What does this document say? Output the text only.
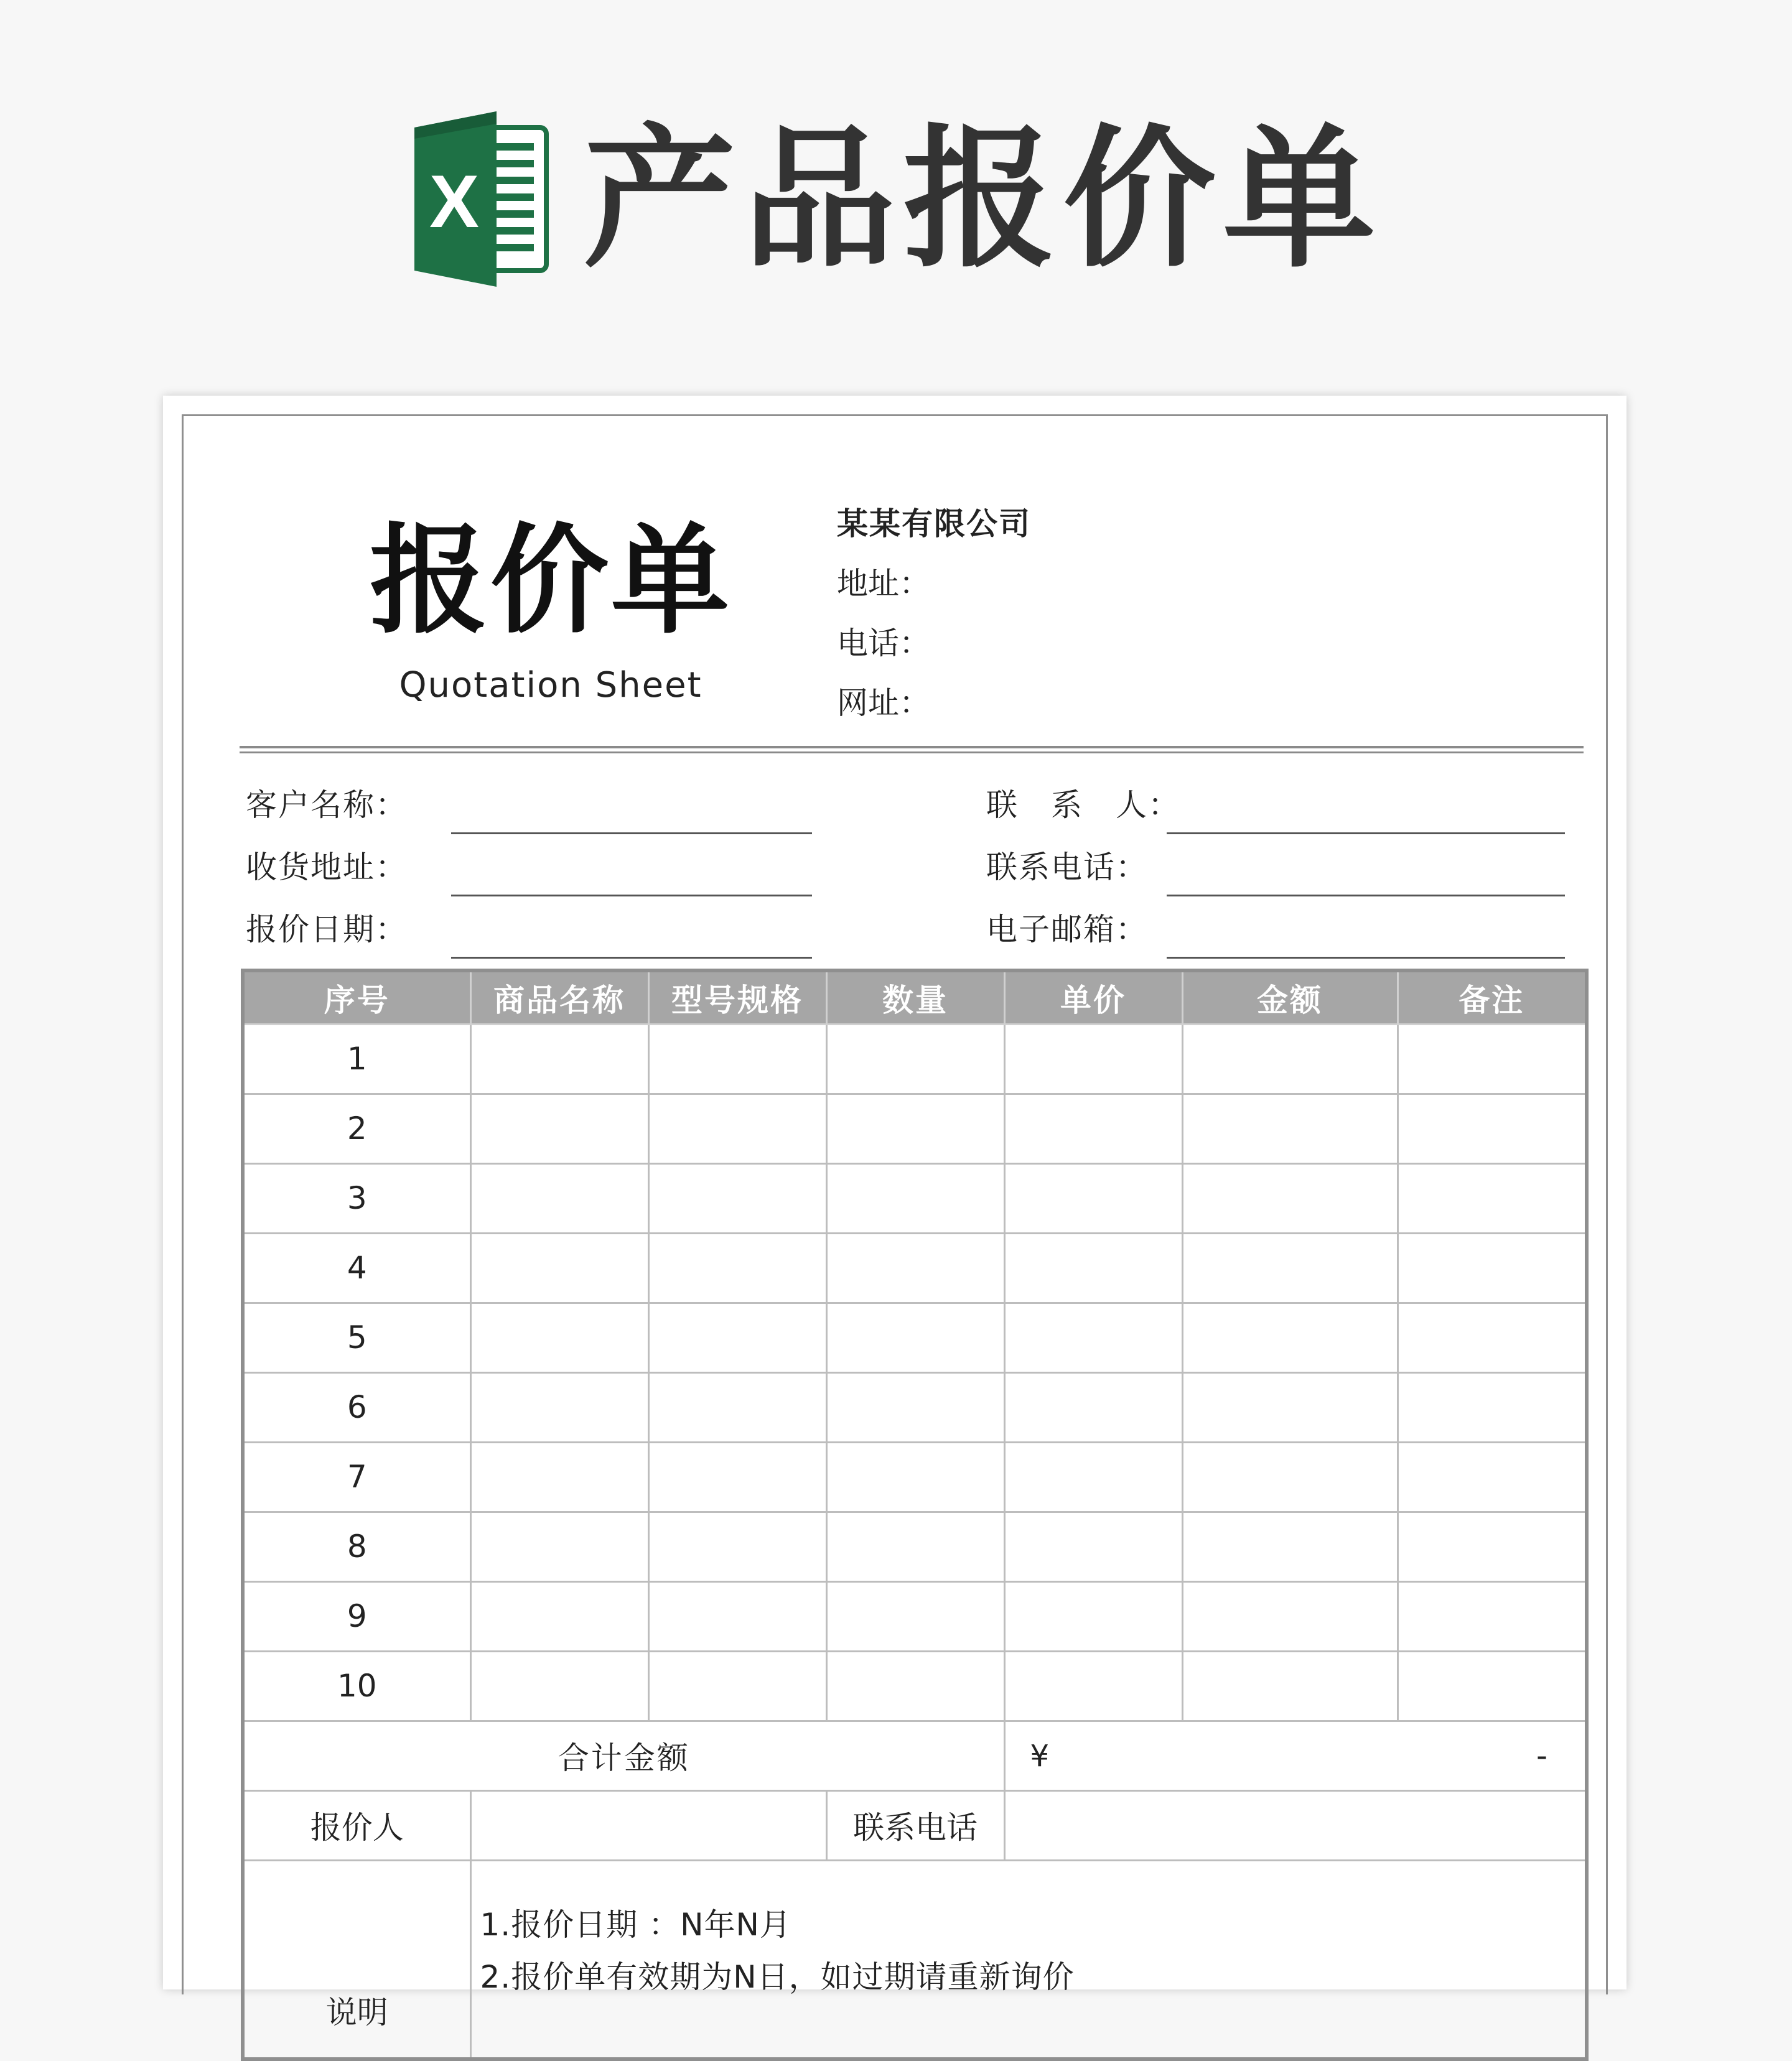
X 产品报价单
报价单
Quotation Sheet
某某有限公司
地址：
电话：
网址：
客户名称：
收货地址：
报价日期：
联　系　人：
联系电话：
电子邮箱：
序号	商品名称	型号规格	数量	单价	金额	备注
1						
2						
3						
4						
5						
6						
7						
8						
9						
10						
合计金额				¥ -		

报价人			联系电话			
说明	1.报价日期 ：N年N月
2.报价单有效期为N日，如过期请重新询价					
